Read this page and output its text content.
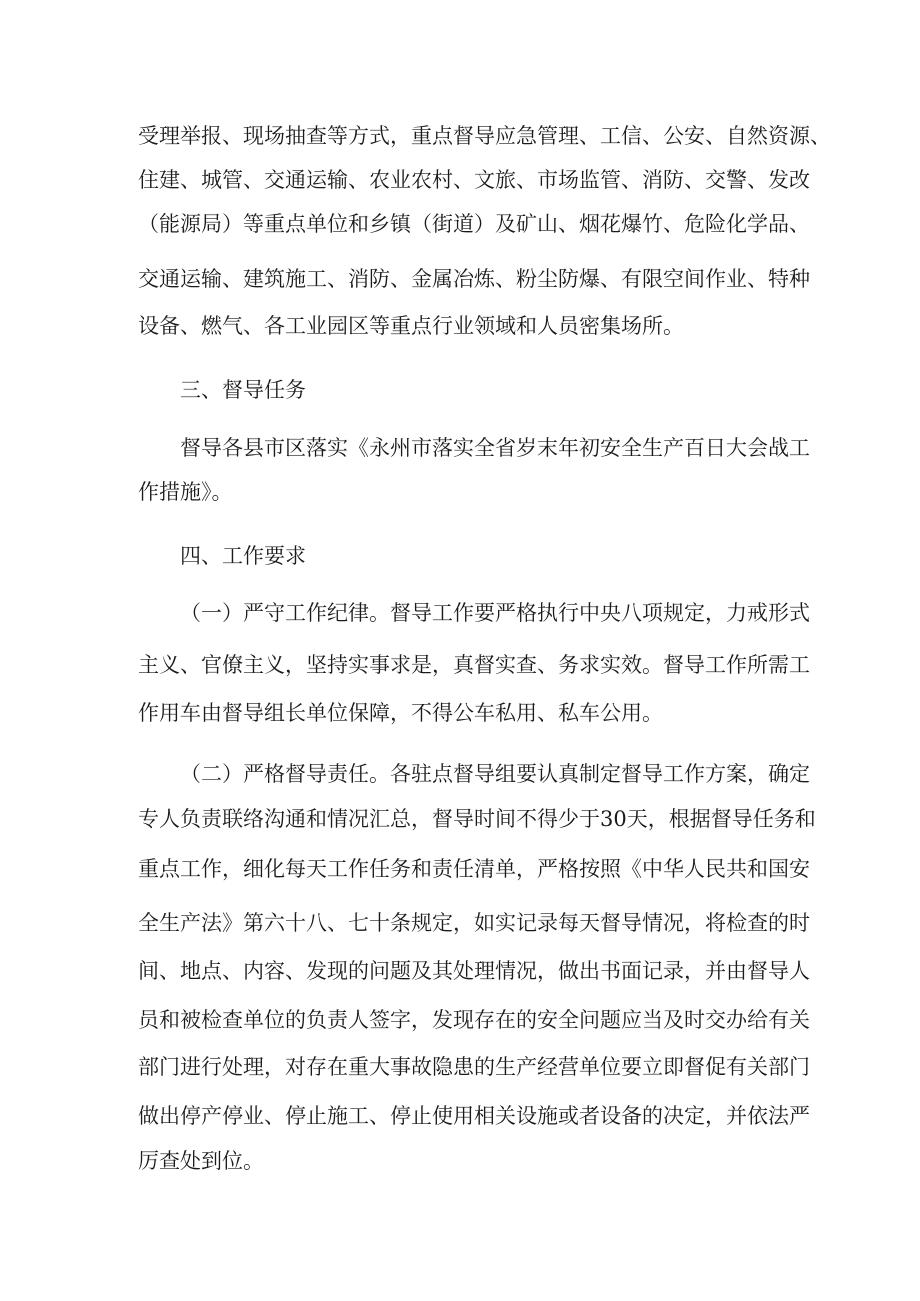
受理举报、现场抽查等方式，重点督导应急管理、工信、公安、自然资源、

住建、城管、交通运输、农业农村、文旅、市场监管、消防、交警、发改

（能源局）等重点单位和乡镇（街道）及矿山、烟花爆竹、危险化学品、

交通运输、建筑施工、消防、金属冶炼、粉尘防爆、有限空间作业、特种

设备、燃气、各工业园区等重点行业领域和人员密集场所。

三、督导任务

督导各县市区落实《永州市落实全省岁末年初安全生产百日大会战工

作措施》。

四、工作要求

（一）严守工作纪律。督导工作要严格执行中央八项规定，力戒形式

主义、官僚主义，坚持实事求是，真督实查、务求实效。督导工作所需工

作用车由督导组长单位保障，不得公车私用、私车公用。

（二）严格督导责任。各驻点督导组要认真制定督导工作方案，确定

专人负责联络沟通和情况汇总，督导时间不得少于30天，根据督导任务和

重点工作，细化每天工作任务和责任清单，严格按照《中华人民共和国安

全生产法》第六十八、七十条规定，如实记录每天督导情况，将检查的时

间、地点、内容、发现的问题及其处理情况，做出书面记录，并由督导人

员和被检查单位的负责人签字，发现存在的安全问题应当及时交办给有关

部门进行处理，对存在重大事故隐患的生产经营单位要立即督促有关部门

做出停产停业、停止施工、停止使用相关设施或者设备的决定，并依法严

厉查处到位。
